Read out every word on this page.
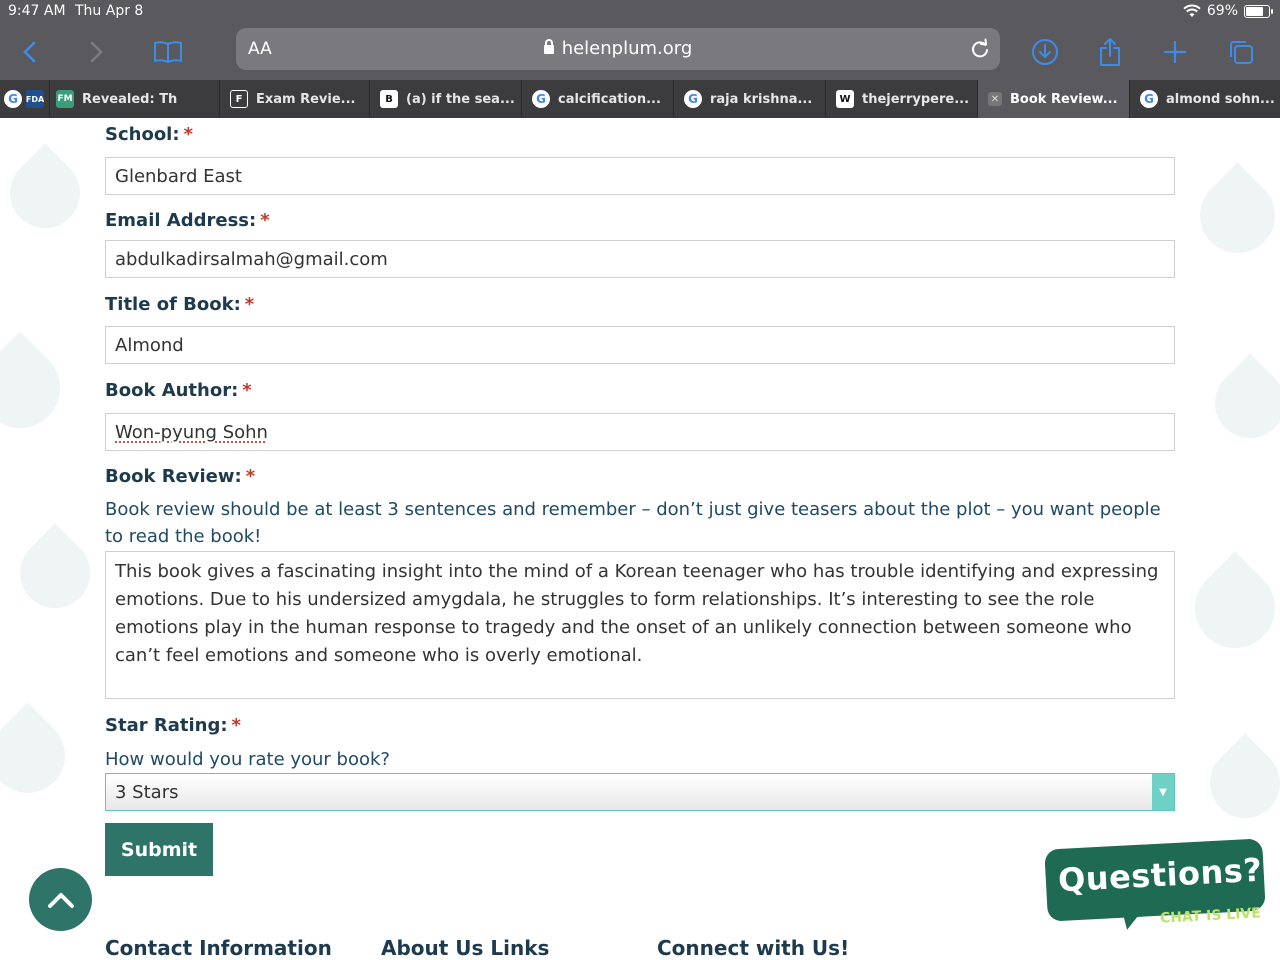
9:47 AM Thu Apr 8	69%
AA	helenplum.org
G FDA FM Revealed: Th	F	Exam Revie...	B	(a) if the sea...	G calcification...	G raja krishna...	W thejerrypere... ✕ Book Review...	G almond sohn...
School: *
Glenbard East
Email Address: *
abdulkadirsalmah@gmail.com
Title of Book: *
Almond
Book Author: *
Won-pyung Sohn
Book Review: *
Book review should be at least 3 sentences and remember – don’t just give teasers about the plot – you want people to read the book!
This book gives a fascinating insight into the mind of a Korean teenager who has trouble identifying and expressing emotions. Due to his undersized amygdala, he struggles to form relationships. It’s interesting to see the role emotions play in the human response to tragedy and the onset of an unlikely connection between someone who can’t feel emotions and someone who is overly emotional.
Star Rating: *
How would you rate your book?
3 Stars	▼
Submit
Contact Information About Us Links	Connect with Us!
Questions?
CHAT IS LIVE
